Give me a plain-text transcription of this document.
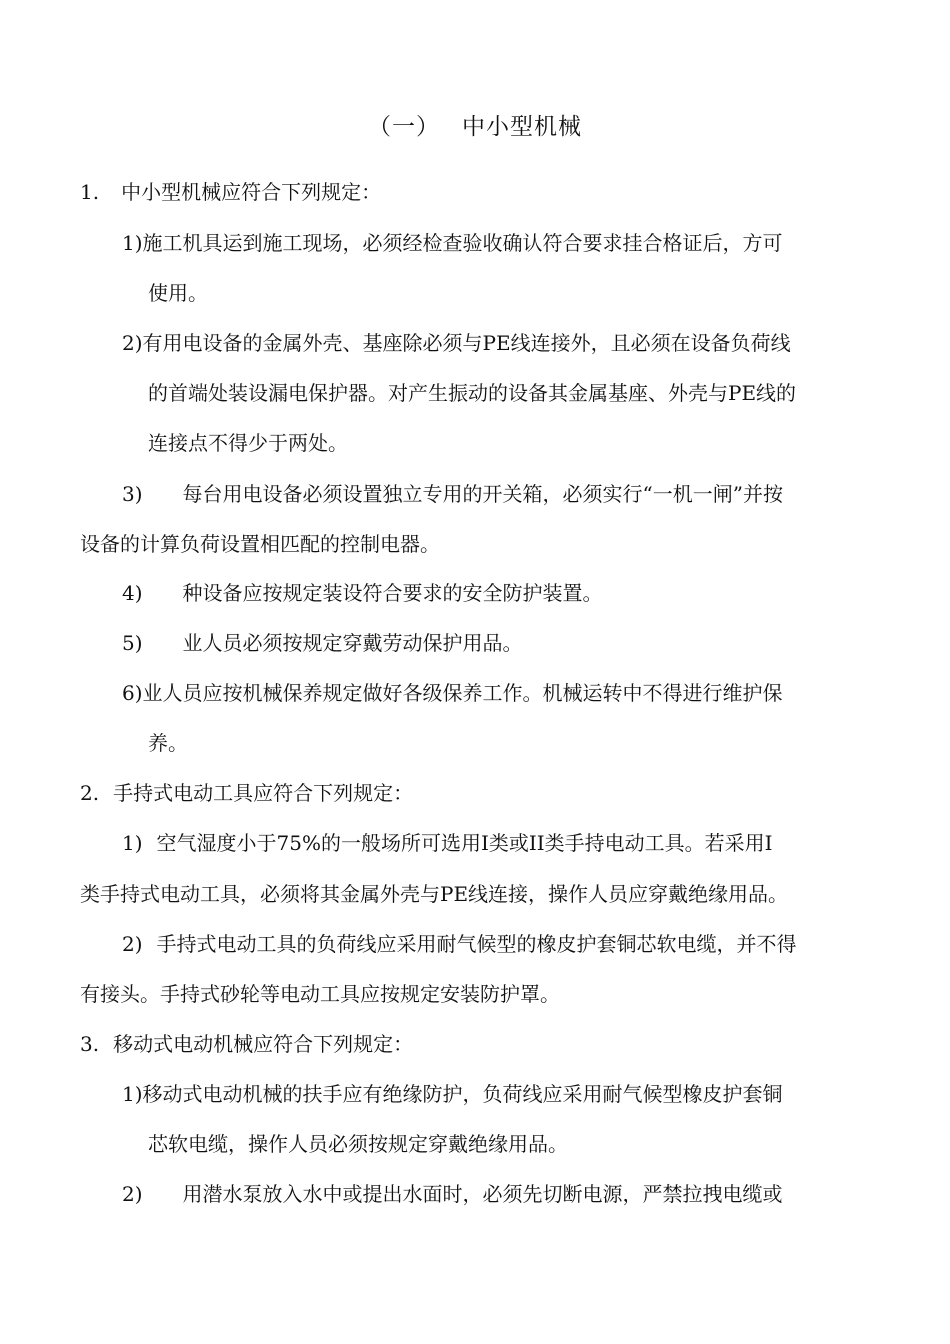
（一） 中小型机械
1. 中小型机械应符合下列规定：
1)施工机具运到施工现场，必须经检查验收确认符合要求挂合格证后，方可
使用。
2)有用电设备的金属外壳、基座除必须与PE线连接外，且必须在设备负荷线
的首端处装设漏电保护器。对产生振动的设备其金属基座、外壳与PE线的
连接点不得少于两处。
3) 每台用电设备必须设置独立专用的开关箱，必须实行“一机一闸”并按
设备的计算负荷设置相匹配的控制电器。
4) 种设备应按规定装设符合要求的安全防护装置。
5) 业人员必须按规定穿戴劳动保护用品。
6)业人员应按机械保养规定做好各级保养工作。机械运转中不得进行维护保
养。
2. 手持式电动工具应符合下列规定：
1) 空气湿度小于75%的一般场所可选用I类或II类手持电动工具。若采用I
类手持式电动工具，必须将其金属外壳与PE线连接，操作人员应穿戴绝缘用品。
2) 手持式电动工具的负荷线应采用耐气候型的橡皮护套铜芯软电缆，并不得
有接头。手持式砂轮等电动工具应按规定安装防护罩。
3. 移动式电动机械应符合下列规定：
1)移动式电动机械的扶手应有绝缘防护，负荷线应采用耐气候型橡皮护套铜
芯软电缆，操作人员必须按规定穿戴绝缘用品。
2) 用潜水泵放入水中或提出水面时，必须先切断电源，严禁拉拽电缆或
